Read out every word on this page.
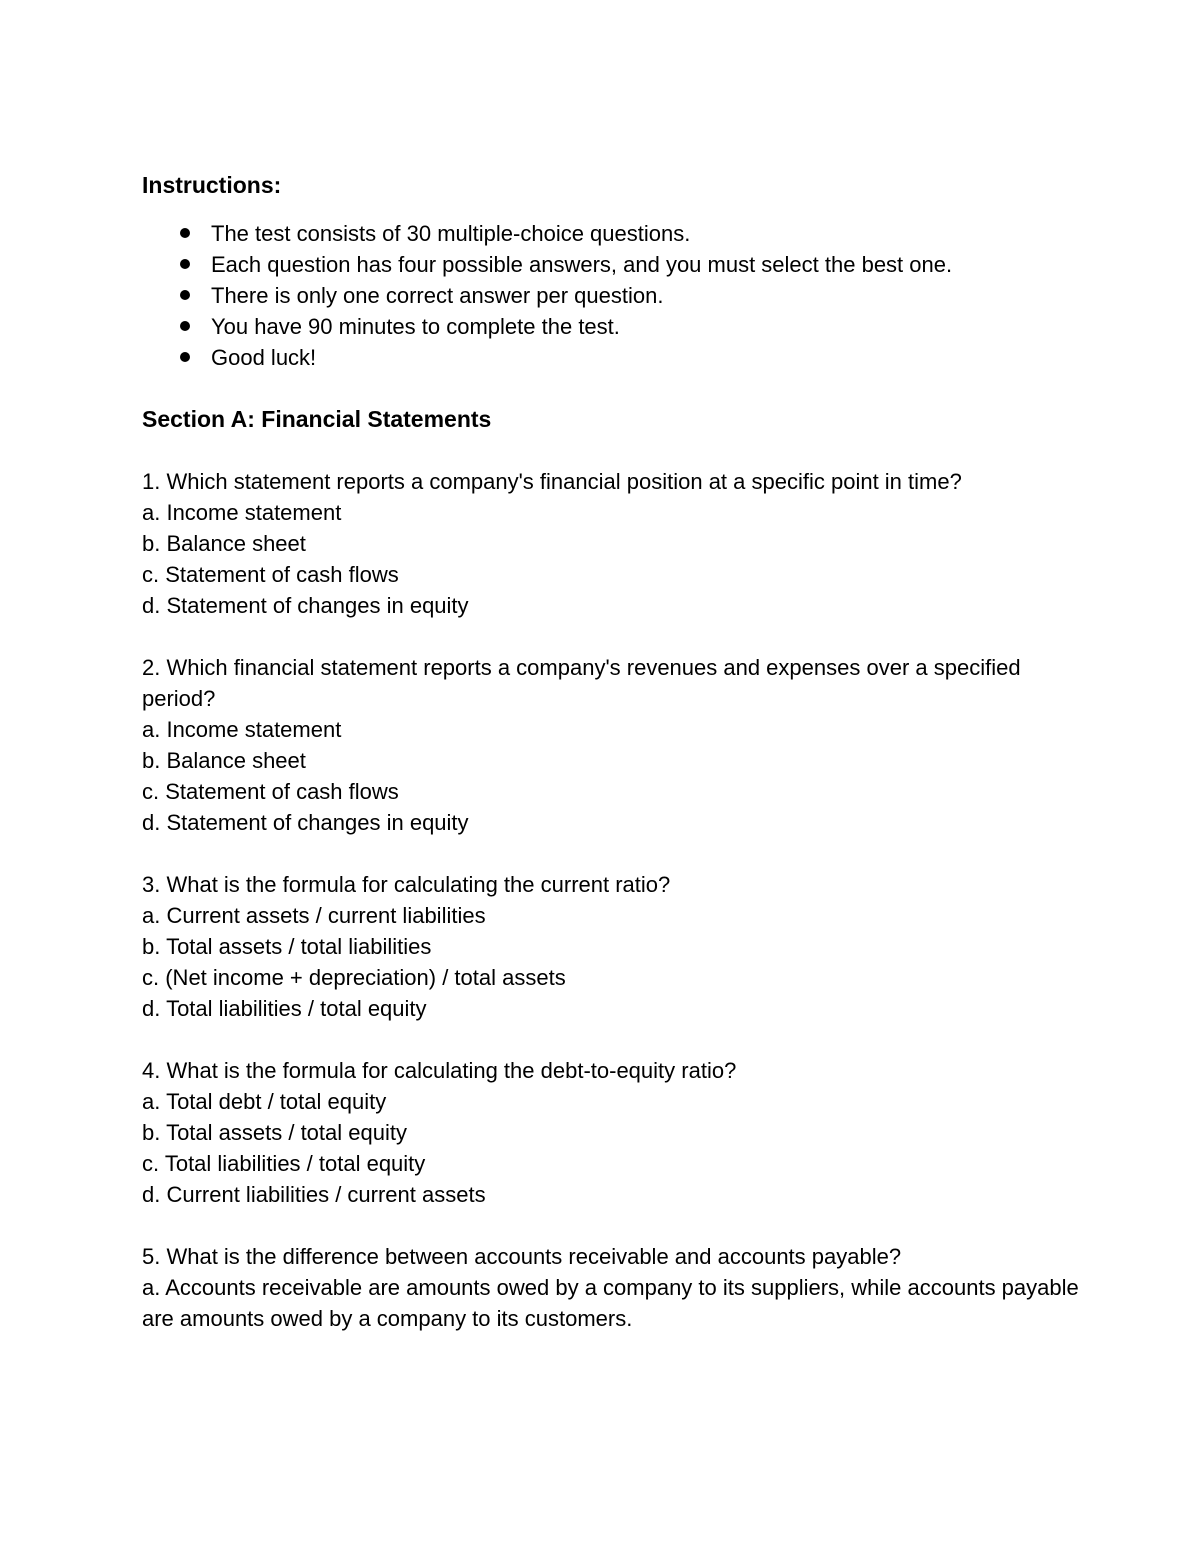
Instructions:
The test consists of 30 multiple-choice questions.
Each question has four possible answers, and you must select the best one.
There is only one correct answer per question.
You have 90 minutes to complete the test.
Good luck!
Section A: Financial Statements

1. Which statement reports a company's financial position at a specific point in time?

a. Income statement

b. Balance sheet

c. Statement of cash flows

d. Statement of changes in equity

2. Which financial statement reports a company's revenues and expenses over a specified period?

a. Income statement

b. Balance sheet

c. Statement of cash flows

d. Statement of changes in equity

3. What is the formula for calculating the current ratio?

a. Current assets / current liabilities

b. Total assets / total liabilities

c. (Net income + depreciation) / total assets

d. Total liabilities / total equity

4. What is the formula for calculating the debt-to-equity ratio?

a. Total debt / total equity

b. Total assets / total equity

c. Total liabilities / total equity

d. Current liabilities / current assets

5. What is the difference between accounts receivable and accounts payable?

a. Accounts receivable are amounts owed by a company to its suppliers, while accounts payable are amounts owed by a company to its customers.
